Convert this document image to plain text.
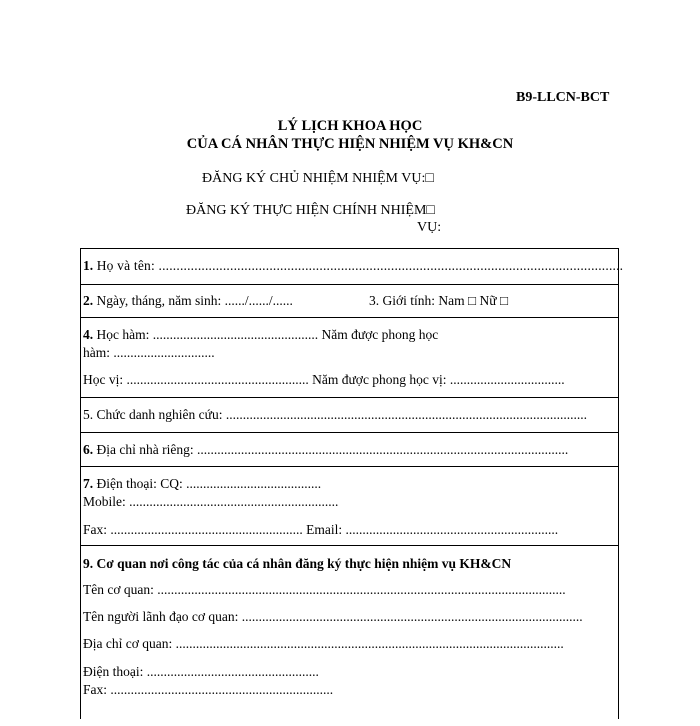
B9-LLCN-BCT
LÝ LỊCH KHOA HỌC
CỦA CÁ NHÂN THỰC HIỆN NHIỆM VỤ KH&CN
ĐĂNG KÝ CHỦ NHIỆM NHIỆM VỤ:□
ĐĂNG KÝ THỰC HIỆN CHÍNH NHIỆM□
VỤ:
1. Họ và tên: ..................................................................................................................................
2. Ngày, tháng, năm sinh: ....../....../......	3. Giới tính: Nam □ Nữ □
4. Học hàm: ................................................. Năm được phong học
hàm: ..............................
Học vị: ...................................................... Năm được phong học vị: ..................................
5. Chức danh nghiên cứu: ...........................................................................................................
6. Địa chỉ nhà riêng: ..............................................................................................................
7. Điện thoại: CQ: ........................................
Mobile: ..............................................................
Fax: ......................................................... Email: ...............................................................
9. Cơ quan nơi công tác của cá nhân đăng ký thực hiện nhiệm vụ KH&CN
Tên cơ quan: .........................................................................................................................
Tên người lãnh đạo cơ quan: .....................................................................................................
Địa chỉ cơ quan: ...................................................................................................................
Điện thoại: ...................................................
Fax: ..................................................................
